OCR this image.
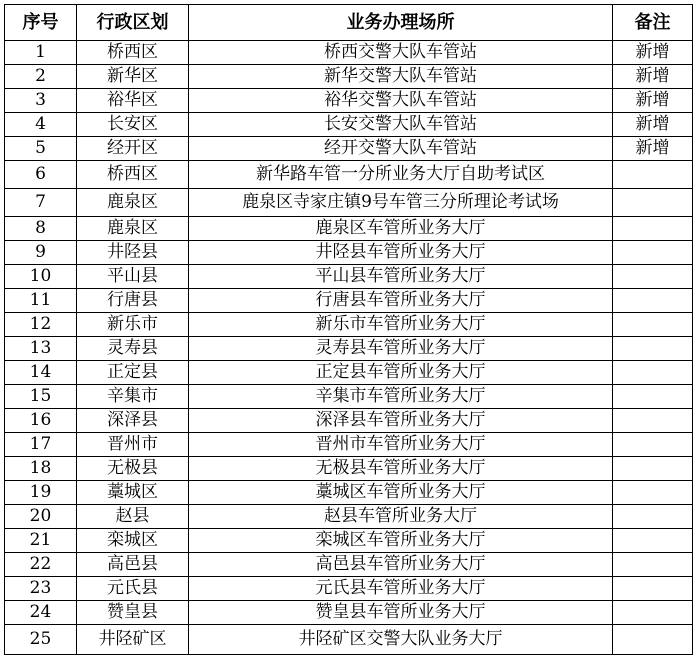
序号	行政区划	业务办理场所	备注
1	桥西区	桥西交警大队车管站	新增
2	新华区	新华交警大队车管站	新增
3	裕华区	裕华交警大队车管站	新增
4	长安区	长安交警大队车管站	新增
5	经开区	经开交警大队车管站	新增
6	桥西区	新华路车管一分所业务大厅自助考试区	
7	鹿泉区	鹿泉区寺家庄镇9号车管三分所理论考试场	
8	鹿泉区	鹿泉区车管所业务大厅	
9	井陉县	井陉县车管所业务大厅	
10	平山县	平山县车管所业务大厅	
11	行唐县	行唐县车管所业务大厅	
12	新乐市	新乐市车管所业务大厅	
13	灵寿县	灵寿县车管所业务大厅	
14	正定县	正定县车管所业务大厅	
15	辛集市	辛集市车管所业务大厅	
16	深泽县	深泽县车管所业务大厅	
17	晋州市	晋州市车管所业务大厅	
18	无极县	无极县车管所业务大厅	
19	藁城区	藁城区车管所业务大厅	
20	赵县	赵县车管所业务大厅	
21	栾城区	栾城区车管所业务大厅	
22	高邑县	高邑县车管所业务大厅	
23	元氏县	元氏县车管所业务大厅	
24	赞皇县	赞皇县车管所业务大厅	
25	井陉矿区	井陉矿区交警大队业务大厅	
